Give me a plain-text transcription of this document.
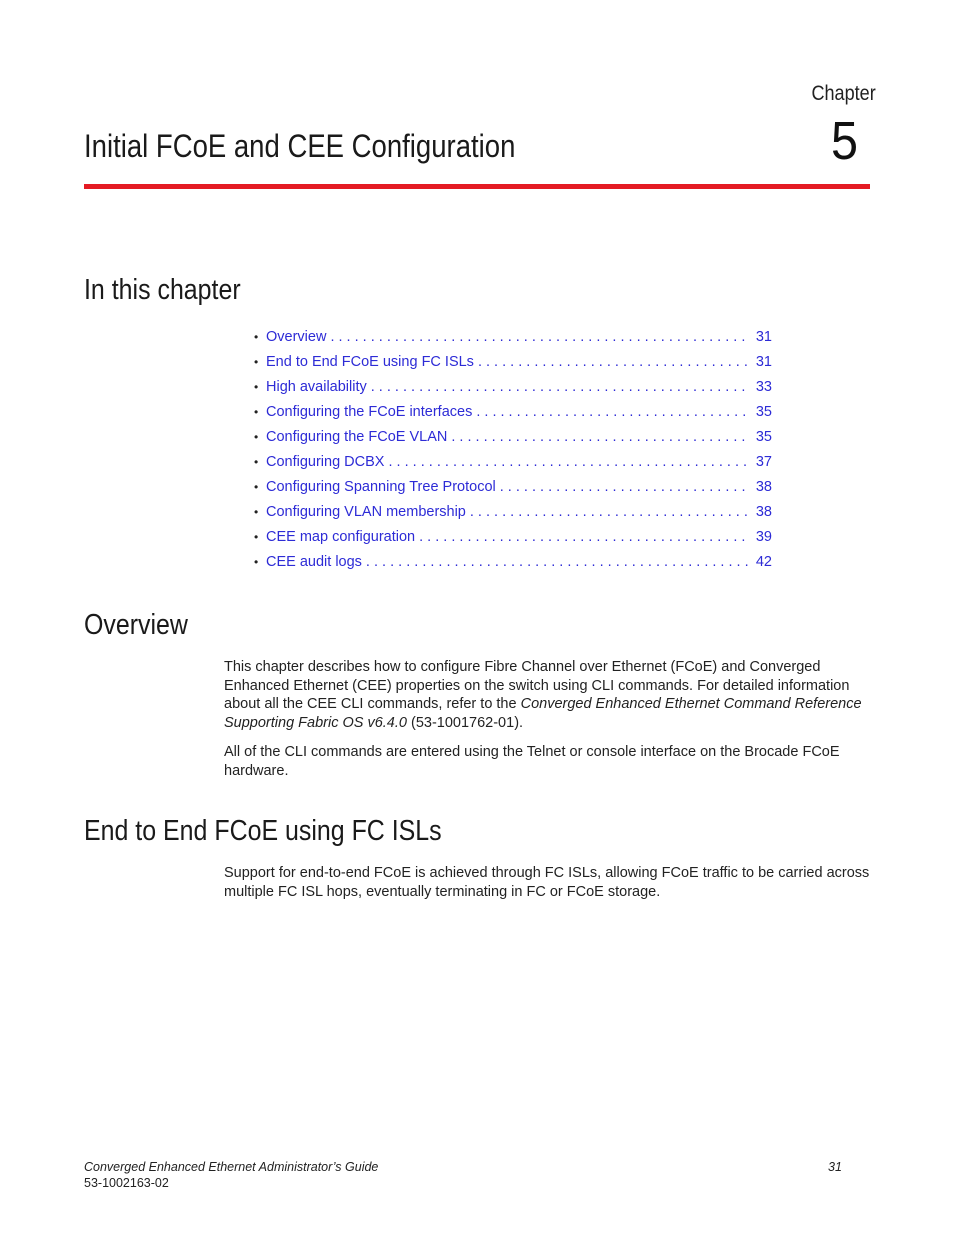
Chapter
5
Initial FCoE and CEE Configuration
In this chapter
• Overview . . .	31
• End to End FCoE using FC ISLs . . .	31
• High availability . . .	33
• Configuring the FCoE interfaces . . .	35
• Configuring the FCoE VLAN . . .	35
• Configuring DCBX . . .	37
• Configuring Spanning Tree Protocol . . .	38
• Configuring VLAN membership . . .	38
• CEE map configuration . . .	39
• CEE audit logs . . .	42
Overview

This chapter describes how to configure Fibre Channel over Ethernet (FCoE) and Converged Enhanced Ethernet (CEE) properties on the switch using CLI commands. For detailed information about all the CEE CLI commands, refer to the Converged Enhanced Ethernet Command Reference Supporting Fabric OS v6.4.0 (53-1001762-01).

All of the CLI commands are entered using the Telnet or console interface on the Brocade FCoE hardware.

End to End FCoE using FC ISLs

Support for end-to-end FCoE is achieved through FC ISLs, allowing FCoE traffic to be carried across multiple FC ISL hops, eventually terminating in FC or FCoE storage.

Converged Enhanced Ethernet Administrator’s Guide
53-1002163-02
31
